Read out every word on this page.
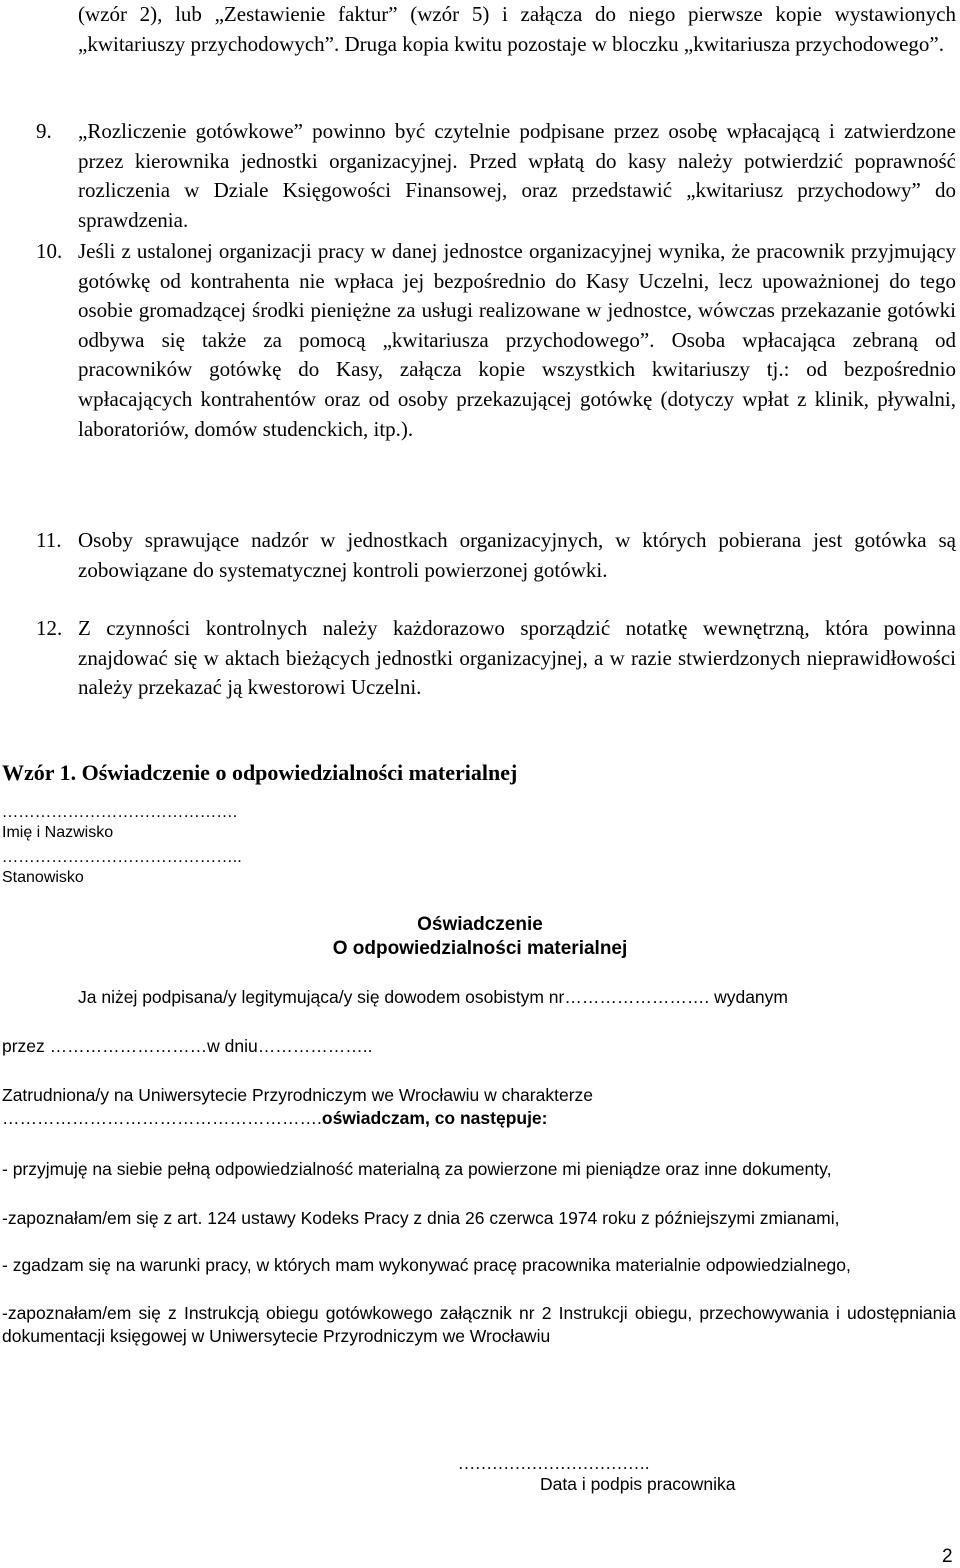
(wzór 2), lub „Zestawienie faktur” (wzór 5) i załącza do niego pierwsze kopie wystawionych „kwitariuszy przychodowych”. Druga kopia kwitu pozostaje w bloczku „kwitariusza przychodowego”.
9. „Rozliczenie gotówkowe” powinno być czytelnie podpisane przez osobę wpłacającą i zatwierdzone przez kierownika jednostki organizacyjnej. Przed wpłatą do kasy należy potwierdzić poprawność rozliczenia w Dziale Księgowości Finansowej, oraz przedstawić „kwitariusz przychodowy” do sprawdzenia.
10. Jeśli z ustalonej organizacji pracy w danej jednostce organizacyjnej wynika, że pracownik przyjmujący gotówkę od kontrahenta nie wpłaca jej bezpośrednio do Kasy Uczelni, lecz upoważnionej do tego osobie gromadzącej środki pieniężne za usługi realizowane w jednostce, wówczas przekazanie gotówki odbywa się także za pomocą „kwitariusza przychodowego”. Osoba wpłacająca zebraną od pracowników gotówkę do Kasy, załącza kopie wszystkich kwitariuszy tj.: od bezpośrednio wpłacających kontrahentów oraz od osoby przekazującej gotówkę (dotyczy wpłat z klinik, pływalni, laboratoriów, domów studenckich, itp.).
11. Osoby sprawujące nadzór w jednostkach organizacyjnych, w których pobierana jest gotówka są zobowiązane do systematycznej kontroli powierzonej gotówki.
12. Z czynności kontrolnych należy każdorazowo sporządzić notatkę wewnętrzną, która powinna znajdować się w aktach bieżących jednostki organizacyjnej, a w razie stwierdzonych nieprawidłowości należy przekazać ją kwestorowi Uczelni.
Wzór 1. Oświadczenie o odpowiedzialności materialnej
…………………………………….
Imię i Nazwisko
……………………………………..
Stanowisko
Oświadczenie
O odpowiedzialności materialnej
Ja niżej podpisana/y legitymująca/y się dowodem osobistym nr……………………. wydanym
przez ………………………w dniu………………..
Zatrudniona/y na Uniwersytecie Przyrodniczym we Wrocławiu w charakterze
……………………………………………….oświadczam, co następuje:
- przyjmuję na siebie pełną odpowiedzialność materialną za powierzone mi pieniądze oraz inne dokumenty,
-zapoznałam/em się z art. 124 ustawy Kodeks Pracy z dnia 26 czerwca 1974 roku z późniejszymi zmianami,
- zgadzam się na warunki pracy, w których mam wykonywać pracę pracownika materialnie odpowiedzialnego,
-zapoznałam/em się z Instrukcją obiegu gotówkowego załącznik nr 2 Instrukcji obiegu, przechowywania i udostępniania dokumentacji księgowej w Uniwersytecie Przyrodniczym we Wrocławiu
…………………………….
Data i podpis pracownika
2
